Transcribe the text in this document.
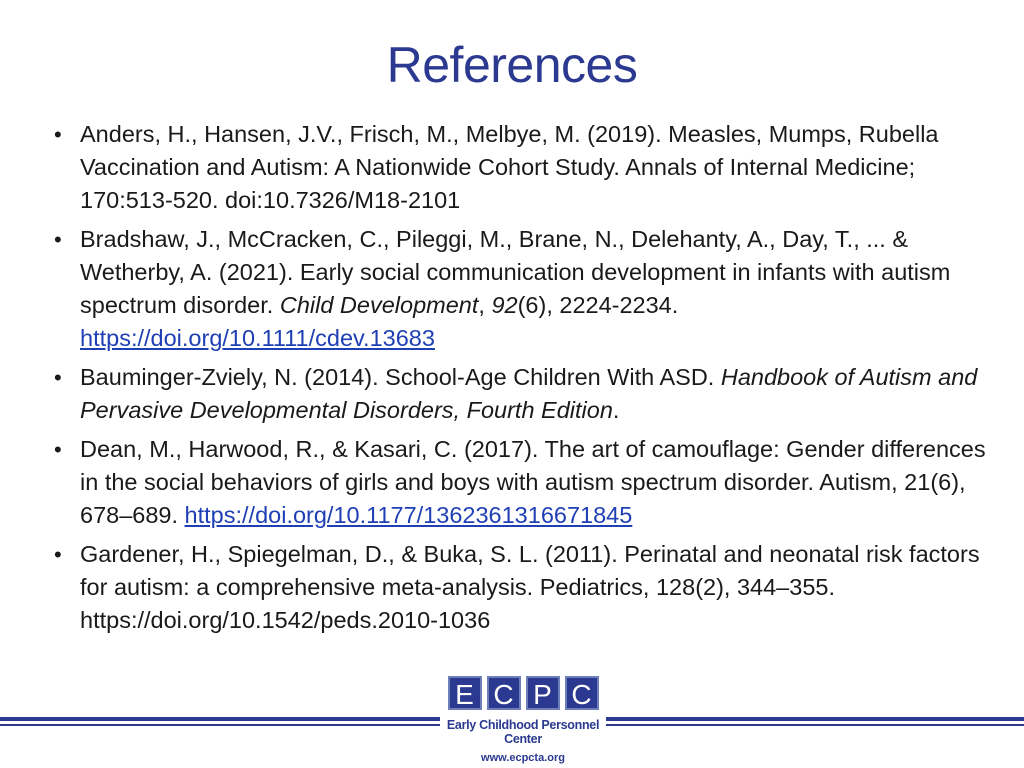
References
• Anders, H., Hansen, J.V., Frisch, M., Melbye, M. (2019). Measles, Mumps, Rubella Vaccination and Autism: A Nationwide Cohort Study. Annals of Internal Medicine; 170:513-520. doi:10.7326/M18-2101
• Bradshaw, J., McCracken, C., Pileggi, M., Brane, N., Delehanty, A., Day, T., ... & Wetherby, A. (2021). Early social communication development in infants with autism spectrum disorder. Child Development, 92(6), 2224-2234.
https://doi.org/10.1111/cdev.13683
• Bauminger-Zviely, N. (2014). School-Age Children With ASD. Handbook of Autism and Pervasive Developmental Disorders, Fourth Edition.
• Dean, M., Harwood, R., & Kasari, C. (2017). The art of camouflage: Gender differences in the social behaviors of girls and boys with autism spectrum disorder. Autism, 21(6), 678–689. https://doi.org/10.1177/1362361316671845
• Gardener, H., Spiegelman, D., & Buka, S. L. (2011). Perinatal and neonatal risk factors for autism: a comprehensive meta-analysis. Pediatrics, 128(2), 344–355. https://doi.org/10.1542/peds.2010-1036
E C P C
Early Childhood Personnel Center
www.ecpcta.org
